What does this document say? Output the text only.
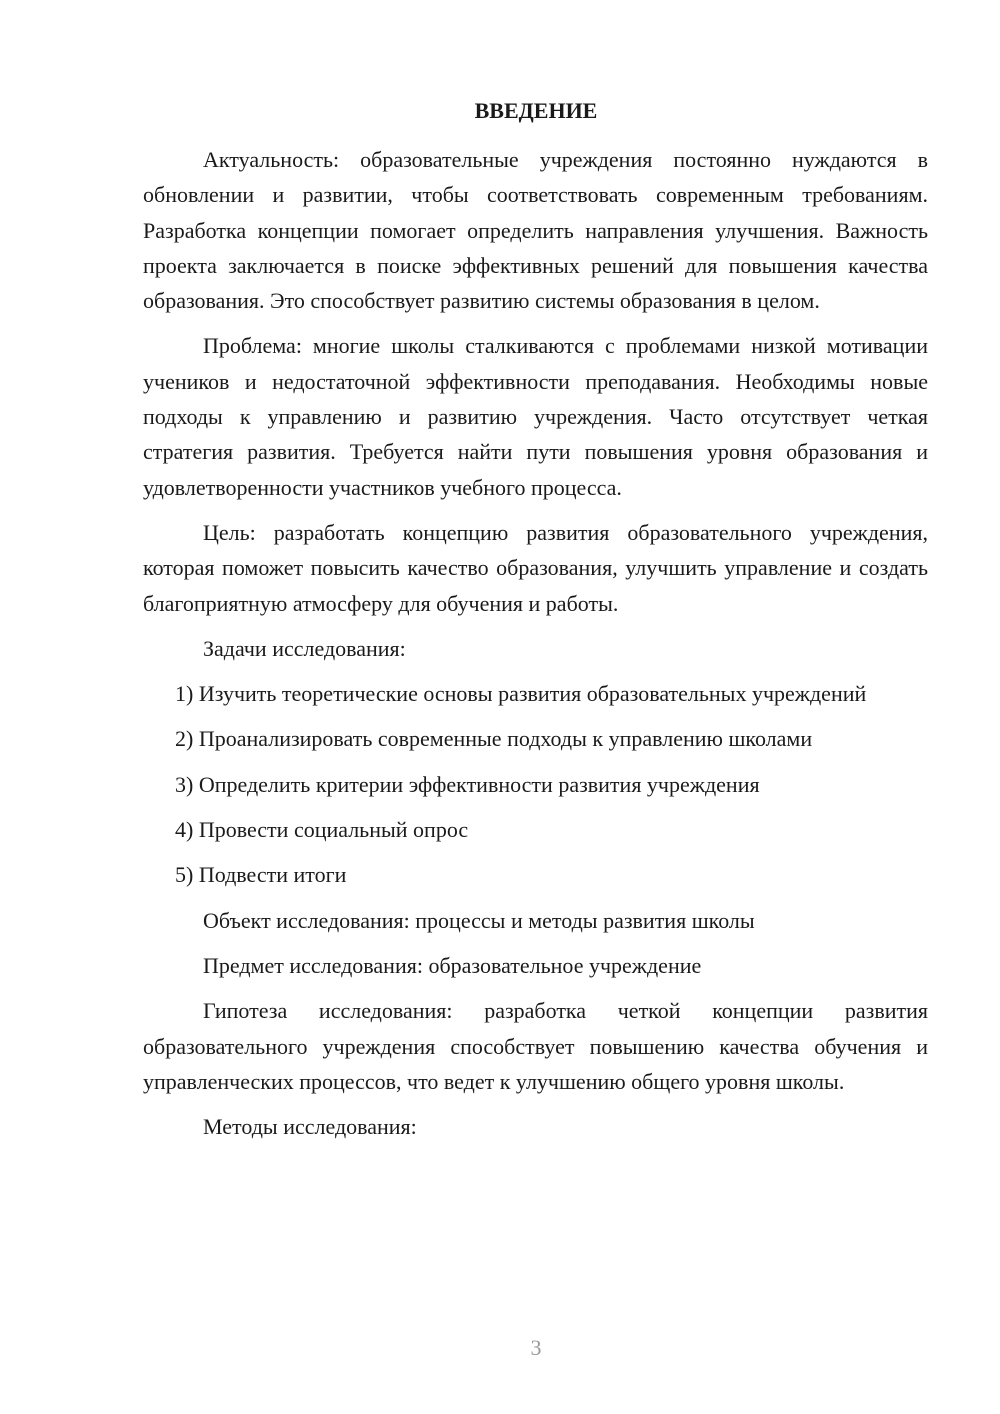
ВВЕДЕНИЕ

Актуальность: образовательные учреждения постоянно нуждаются в обновлении и развитии, чтобы соответствовать современным требованиям. Разработка концепции помогает определить направления улучшения. Важность проекта заключается в поиске эффективных решений для повышения качества образования. Это способствует развитию системы образования в целом.

Проблема: многие школы сталкиваются с проблемами низкой мотивации учеников и недостаточной эффективности преподавания. Необходимы новые подходы к управлению и развитию учреждения. Часто отсутствует четкая стратегия развития. Требуется найти пути повышения уровня образования и удовлетворенности участников учебного процесса.

Цель: разработать концепцию развития образовательного учреждения, которая поможет повысить качество образования, улучшить управление и создать благоприятную атмосферу для обучения и работы.

Задачи исследования:

1) Изучить теоретические основы развития образовательных учреждений

2) Проанализировать современные подходы к управлению школами

3) Определить критерии эффективности развития учреждения

4) Провести социальный опрос

5) Подвести итоги

Объект исследования: процессы и методы развития школы

Предмет исследования: образовательное учреждение

Гипотеза исследования: разработка четкой концепции развития образовательного учреждения способствует повышению качества обучения и управленческих процессов, что ведет к улучшению общего уровня школы.

Методы исследования:

3
